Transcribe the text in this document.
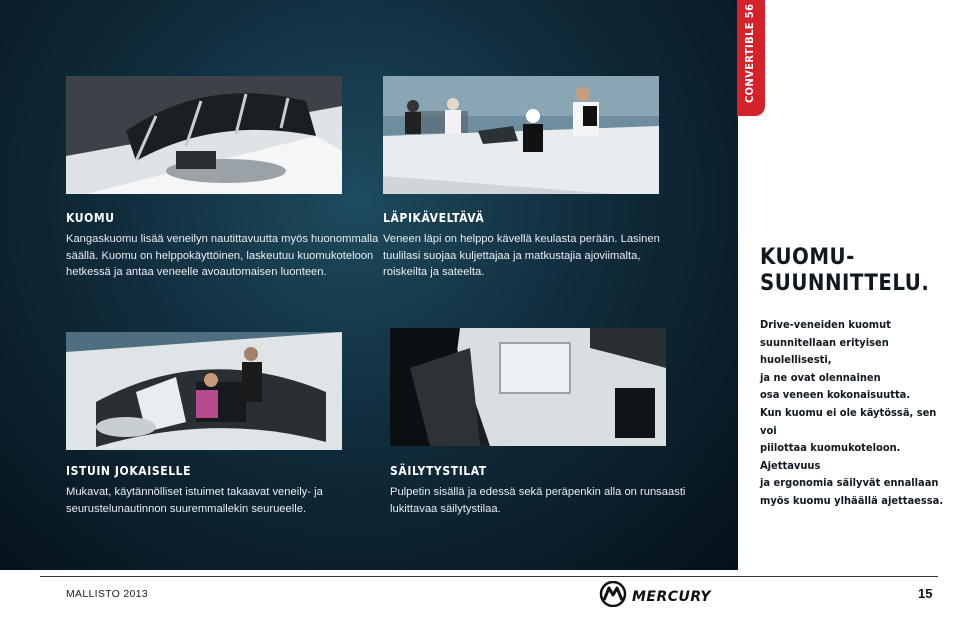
KUOMU
Kangaskuomu lisää veneilyn nautittavuutta myös huonommalla
säällä. Kuomu on helppokäyttöinen, laskeutuu kuomukoteloon
hetkessä ja antaa veneelle avoautomaisen luonteen.
LÄPIKÄVELTÄVÄ
Veneen läpi on helppo kävellä keulasta perään. Lasinen
tuulilasi suojaa kuljettajaa ja matkustajia ajoviimalta,
roiskeilta ja sateelta.
ISTUIN JOKAISELLE
Mukavat, käytännölliset istuimet takaavat veneily- ja
seurustelunautinnon suuremmallekin seurueelle.
SÄILYTYSTILAT
Pulpetin sisällä ja edessä sekä peräpenkin alla on runsaasti
lukittavaa säilytystilaa.
CONVERTIBLE 56
KUOMU-
SUUNNITTELU.
Drive-veneiden kuomut
suunnitellaan erityisen huolellisesti,
ja ne ovat olennainen
osa veneen kokonaisuutta.
Kun kuomu ei ole käytössä, sen voi
piilottaa kuomukoteloon. Ajettavuus
ja ergonomia säilyvät ennallaan
myös kuomu ylhäällä ajettaessa.
MALLISTO 2013	MERCURY	15
